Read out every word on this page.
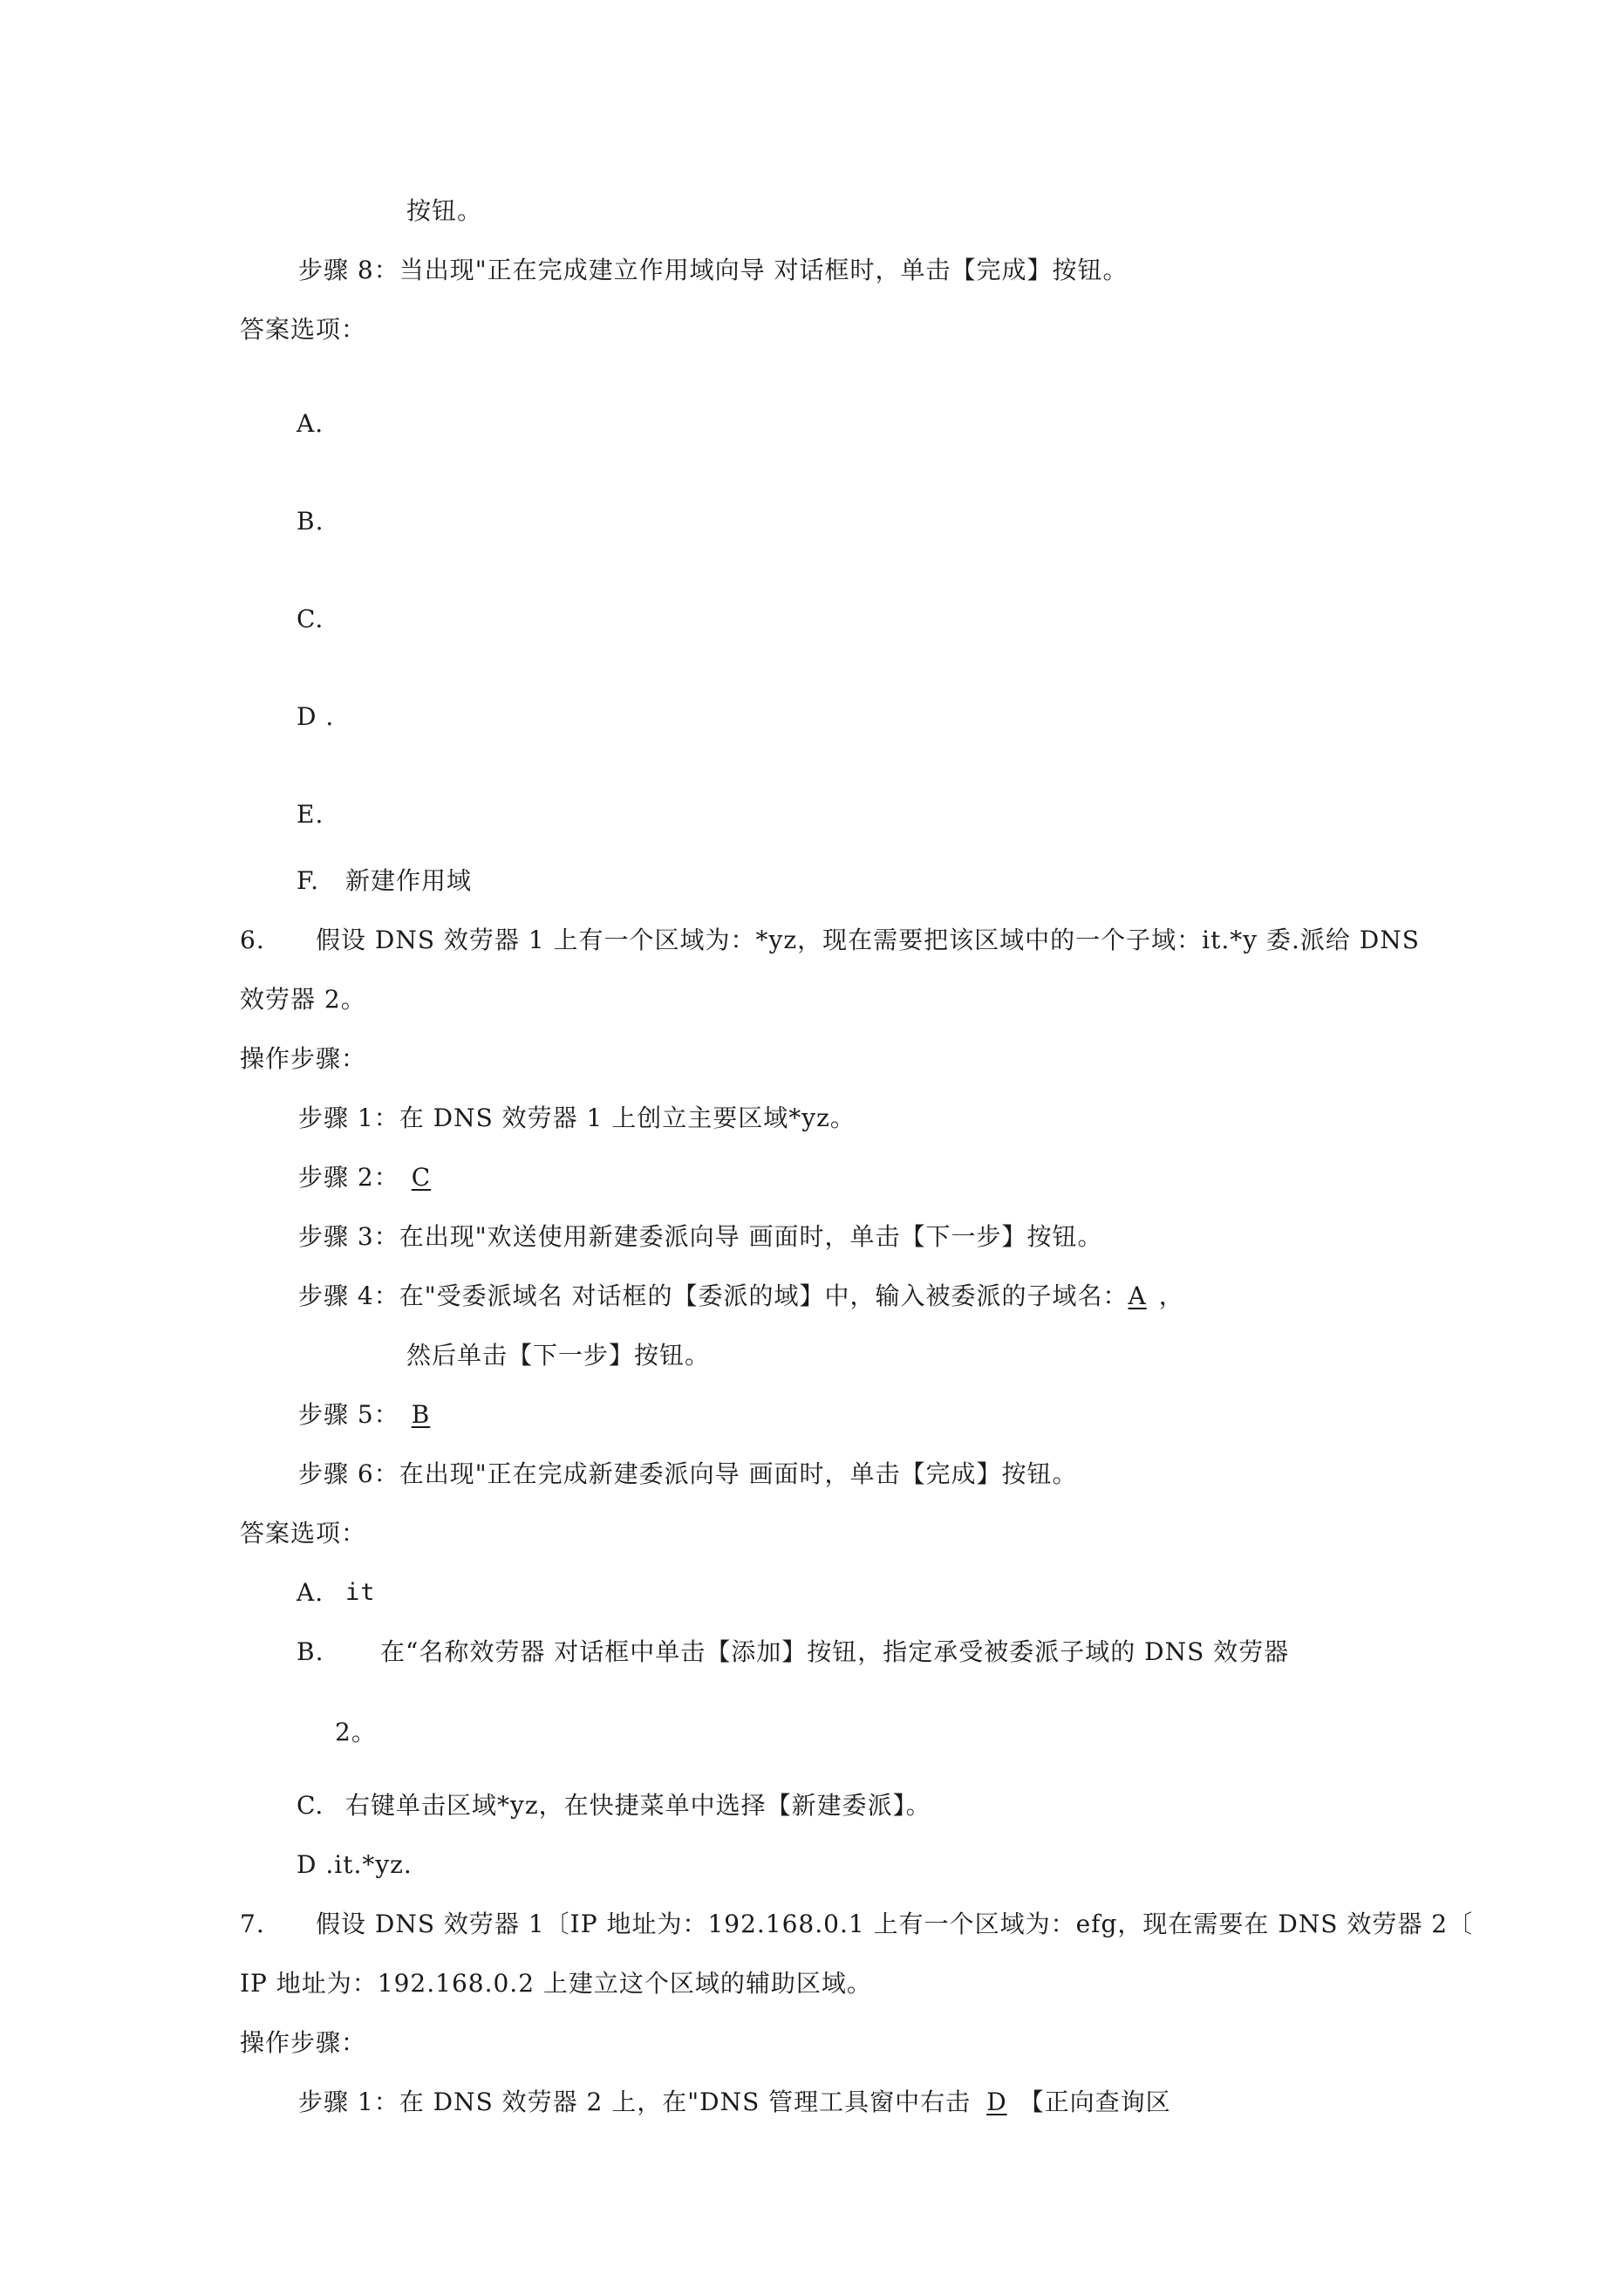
按钮。
步骤 8：当出现"正在完成建立作用域向导 对话框时，单击【完成】按钮。
答案选项：
A.
B.
C.
D .
E.
F. 新建作用域
6. 假设 DNS 效劳器 1 上有一个区域为：*yz，现在需要把该区域中的一个子域：it.*y 委.派给 DNS
效劳器 2。
操作步骤：
步骤 1：在 DNS 效劳器 1 上创立主要区域*yz。
步骤 2： C
步骤 3：在出现"欢送使用新建委派向导 画面时，单击【下一步】按钮。
步骤 4：在"受委派域名 对话框的【委派的域】中，输入被委派的子域名：A ，
然后单击【下一步】按钮。
步骤 5： B
步骤 6：在出现"正在完成新建委派向导 画面时，单击【完成】按钮。
答案选项：
A. it
B. 在“名称效劳器 对话框中单击【添加】按钮，指定承受被委派子域的 DNS 效劳器
2。
C. 右键单击区域*yz，在快捷菜单中选择【新建委派】。
D .it.*yz.
7. 假设 DNS 效劳器 1〔IP 地址为：192.168.0.1 上有一个区域为：efg，现在需要在 DNS 效劳器 2〔
IP 地址为：192.168.0.2 上建立这个区域的辅助区域。
操作步骤：
步骤 1：在 DNS 效劳器 2 上，在"DNS 管理工具窗中右击 D 【正向查询区
